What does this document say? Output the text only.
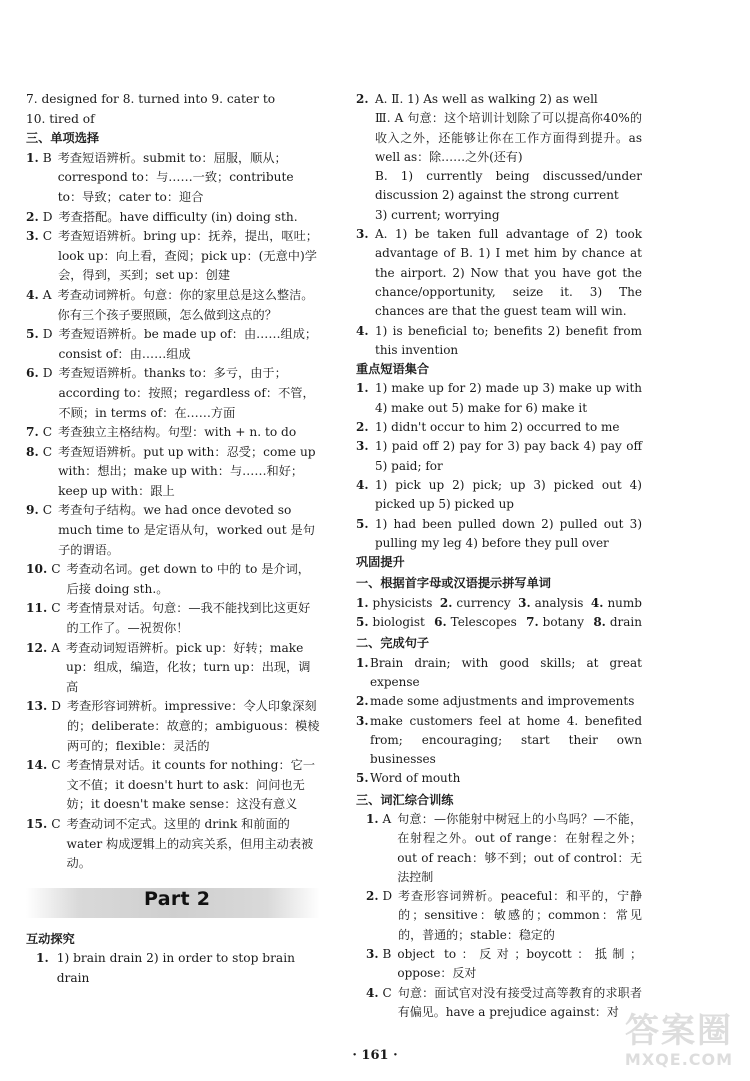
7. designed for 8. turned into 9. cater to
10. tired of
三、单项选择
1. B 考查短语辨析。submit to：屈服，顺从；correspond to：与……一致；contribute to：导致；cater to：迎合
2. D 考查搭配。have difficulty (in) doing sth.
3. C 考查短语辨析。bring up：抚养，提出，呕吐；look up：向上看，查阅；pick up：(无意中)学会，得到，买到；set up：创建
4. A 考查动词辨析。句意：你的家里总是这么整洁。你有三个孩子要照顾，怎么做到这点的？
5. D 考查短语辨析。be made up of：由……组成；consist of：由……组成
6. D 考查短语辨析。thanks to：多亏，由于；according to：按照；regardless of：不管，不顾；in terms of：在……方面
7. C 考查独立主格结构。句型：with + n. to do
8. C 考查短语辨析。put up with：忍受；come up with：想出；make up with：与……和好；keep up with：跟上
9. C 考查句子结构。we had once devoted so much time to 是定语从句，worked out 是句子的谓语。
10. C 考查动名词。get down to 中的 to 是介词，后接 doing sth.。
11. C 考查情景对话。句意：—我不能找到比这更好的工作了。—祝贺你！
12. A 考查动词短语辨析。pick up：好转；make up：组成，编造，化妆；turn up：出现，调高
13. D 考查形容词辨析。impressive：令人印象深刻的；deliberate：故意的；ambiguous：模棱两可的；flexible：灵活的
14. C 考查情景对话。it counts for nothing：它一文不值；it doesn't hurt to ask：问问也无妨；it doesn't make sense：这没有意义
15. C 考查动词不定式。这里的 drink 和前面的 water 构成逻辑上的动宾关系，但用主动表被动。
Part 2
互动探究
1. 1) brain drain 2) in order to stop brain drain
2. A. Ⅱ. 1) As well as walking 2) as well
Ⅲ. A 句意：这个培训计划除了可以提高你40%的收入之外，还能够让你在工作方面得到提升。as well as：除……之外(还有)
B. 1) currently being discussed/under discussion 2) against the strong current
3) current; worrying
3. A. 1) be taken full advantage of 2) took advantage of B. 1) I met him by chance at the airport. 2) Now that you have got the chance/opportunity, seize it. 3) The chances are that the guest team will win.
4. 1) is beneficial to; benefits 2) benefit from this invention
重点短语集合
1. 1) make up for 2) made up 3) make up with 4) make out 5) make for 6) make it
2. 1) didn't occur to him 2) occurred to me
3. 1) paid off 2) pay for 3) pay back 4) pay off 5) paid; for
4. 1) pick up 2) pick; up 3) picked out 4) picked up 5) picked up
5. 1) had been pulled down 2) pulled out 3) pulling my leg 4) before they pull over
巩固提升
一、根据首字母或汉语提示拼写单词
1. physicists 2. currency 3. analysis 4. numb
5. biologist 6. Telescopes 7. botany 8. drain
二、完成句子
1. Brain drain; with good skills; at great expense
2. made some adjustments and improvements
3. make customers feel at home 4. benefited from; encouraging; start their own businesses
5. Word of mouth
三、词汇综合训练
1. A 句意：—你能射中树冠上的小鸟吗？—不能，在射程之外。out of range：在射程之外；out of reach：够不到；out of control：无法控制
2. D 考查形容词辨析。peaceful：和平的，宁静的；sensitive：敏感的；common：常见的，普通的；stable：稳定的
3. B object to：反对；boycott：抵制；oppose：反对
4. C 句意：面试官对没有接受过高等教育的求职者有偏见。have a prejudice against：对
· 161 ·
答案圈
MXQE.COM
